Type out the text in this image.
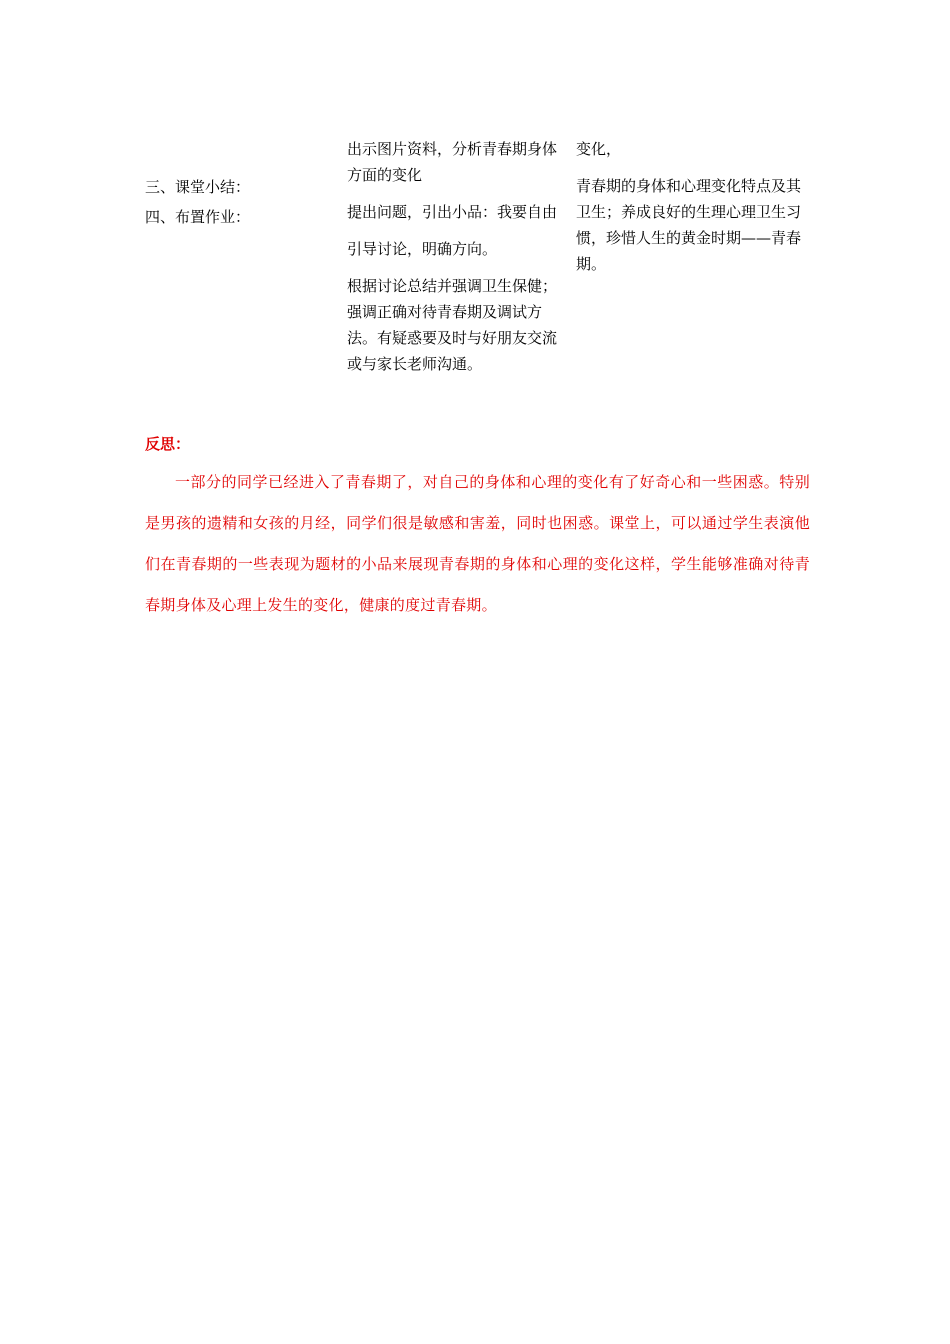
三、课堂小结：
四、布置作业：

出示图片资料，分析青春期身体方面的变化

提出问题，引出小品：我要自由

引导讨论，明确方向。

根据讨论总结并强调卫生保健；强调正确对待青春期及调试方法。有疑惑要及时与好朋友交流或与家长老师沟通。

变化，

青春期的身体和心理变化特点及其卫生；养成良好的生理心理卫生习惯，珍惜人生的黄金时期——青春期。

反思：

一部分的同学已经进入了青春期了，对自己的身体和心理的变化有了好奇心和一些困惑。特别是男孩的遗精和女孩的月经，同学们很是敏感和害羞，同时也困惑。课堂上，可以通过学生表演他们在青春期的一些表现为题材的小品来展现青春期的身体和心理的变化这样，学生能够准确对待青春期身体及心理上发生的变化，健康的度过青春期。
